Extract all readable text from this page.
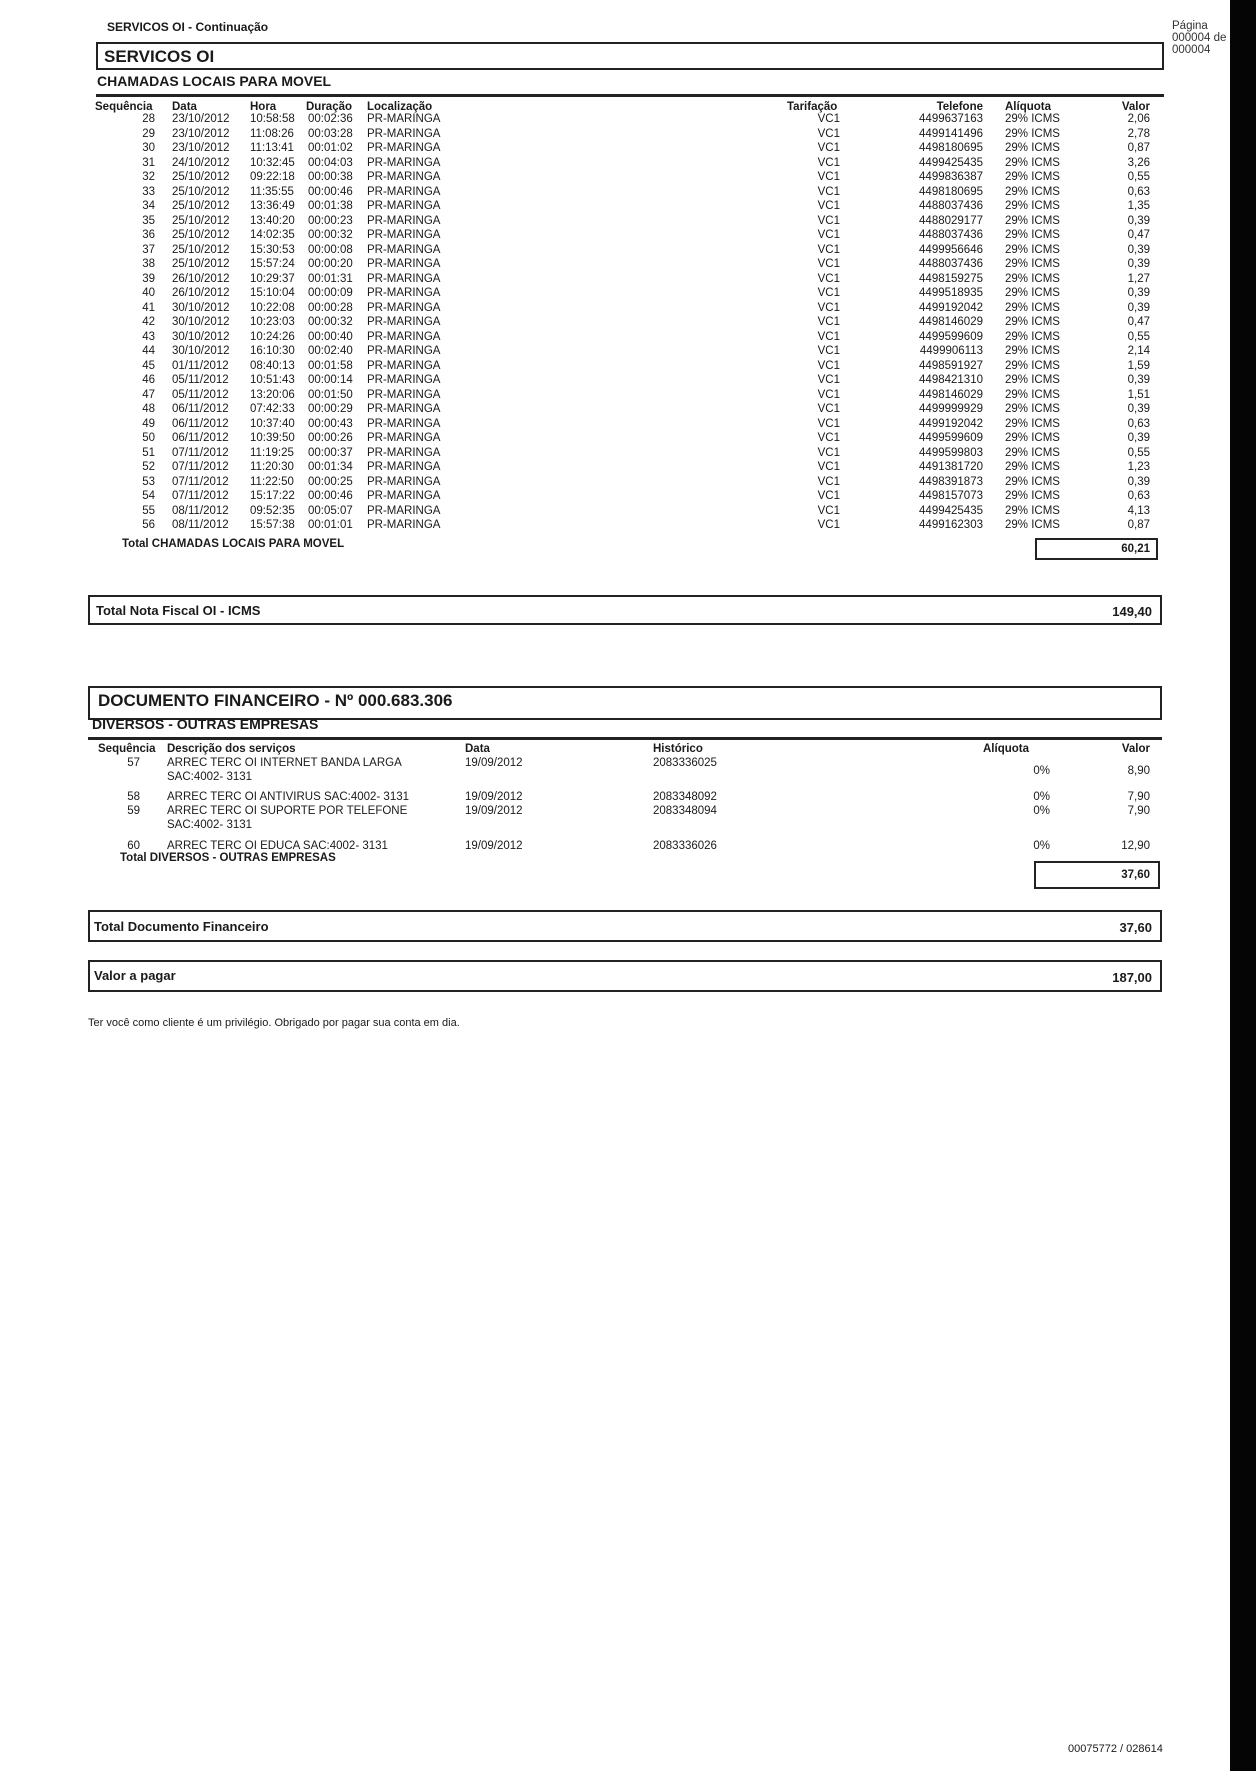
SERVICOS OI - Continuação
SERVICOS OI
CHAMADAS LOCAIS PARA MOVEL
Página
000004 de
000004
Sequência Data	Hora	Duração Localização	Tarifação	Telefone Alíquota	Valor
28 23/10/2012 10:58:58 00:02:36 PR-MARINGA	VC1	4499637163 29% ICMS	2,06
29 23/10/2012 11:08:26 00:03:28 PR-MARINGA	VC1	4499141496 29% ICMS	2,78
30 23/10/2012 11:13:41 00:01:02 PR-MARINGA	VC1	4498180695 29% ICMS	0,87
31 24/10/2012 10:32:45 00:04:03 PR-MARINGA	VC1	4499425435 29% ICMS	3,26
32 25/10/2012 09:22:18 00:00:38 PR-MARINGA	VC1	4499836387 29% ICMS	0,55
33 25/10/2012 11:35:55 00:00:46 PR-MARINGA	VC1	4498180695 29% ICMS	0,63
34 25/10/2012 13:36:49 00:01:38 PR-MARINGA	VC1	4488037436 29% ICMS	1,35
35 25/10/2012 13:40:20 00:00:23 PR-MARINGA	VC1	4488029177 29% ICMS	0,39
36 25/10/2012 14:02:35 00:00:32 PR-MARINGA	VC1	4488037436 29% ICMS	0,47
37 25/10/2012 15:30:53 00:00:08 PR-MARINGA	VC1	4499956646 29% ICMS	0,39
38 25/10/2012 15:57:24 00:00:20 PR-MARINGA	VC1	4488037436 29% ICMS	0,39
39 26/10/2012 10:29:37 00:01:31 PR-MARINGA	VC1	4498159275 29% ICMS	1,27
40 26/10/2012 15:10:04 00:00:09 PR-MARINGA	VC1	4499518935 29% ICMS	0,39
41 30/10/2012 10:22:08 00:00:28 PR-MARINGA	VC1	4499192042 29% ICMS	0,39
42 30/10/2012 10:23:03 00:00:32 PR-MARINGA	VC1	4498146029 29% ICMS	0,47
43 30/10/2012 10:24:26 00:00:40 PR-MARINGA	VC1	4499599609 29% ICMS	0,55
44 30/10/2012 16:10:30 00:02:40 PR-MARINGA	VC1	4499906113 29% ICMS	2,14
45 01/11/2012 08:40:13 00:01:58 PR-MARINGA	VC1	4498591927 29% ICMS	1,59
46 05/11/2012 10:51:43 00:00:14 PR-MARINGA	VC1	4498421310 29% ICMS	0,39
47 05/11/2012 13:20:06 00:01:50 PR-MARINGA	VC1	4498146029 29% ICMS	1,51
48 06/11/2012 07:42:33 00:00:29 PR-MARINGA	VC1	4499999929 29% ICMS	0,39
49 06/11/2012 10:37:40 00:00:43 PR-MARINGA	VC1	4499192042 29% ICMS	0,63
50 06/11/2012 10:39:50 00:00:26 PR-MARINGA	VC1	4499599609 29% ICMS	0,39
51 07/11/2012 11:19:25 00:00:37 PR-MARINGA	VC1	4499599803 29% ICMS	0,55
52 07/11/2012 11:20:30 00:01:34 PR-MARINGA	VC1	4491381720 29% ICMS	1,23
53 07/11/2012 11:22:50 00:00:25 PR-MARINGA	VC1	4498391873 29% ICMS	0,39
54 07/11/2012 15:17:22 00:00:46 PR-MARINGA	VC1	4498157073 29% ICMS	0,63
55 08/11/2012 09:52:35 00:05:07 PR-MARINGA	VC1	4499425435 29% ICMS	4,13
56 08/11/2012 15:57:38 00:01:01 PR-MARINGA	VC1	4499162303 29% ICMS	0,87
Total CHAMADAS LOCAIS PARA MOVEL	60,21
Total Nota Fiscal OI - ICMS	149,40
DOCUMENTO FINANCEIRO - Nº 000.683.306
DIVERSOS - OUTRAS EMPRESAS
Sequência Descrição dos serviços	Data	Histórico	Alíquota	Valor
57 ARREC TERC OI INTERNET BANDA LARGA
SAC:4002- 3131
19/09/2012	2083336025
0%	8,90
58 ARREC TERC OI ANTIVIRUS SAC:4002- 3131	19/09/2012	2083348092	0%	7,90
59 ARREC TERC OI SUPORTE POR TELEFONE
SAC:4002- 3131
19/09/2012	2083348094	0%	7,90
60 ARREC TERC OI EDUCA SAC:4002- 3131	19/09/2012	2083336026	0%	12,90
Total DIVERSOS - OUTRAS EMPRESAS
37,60
Total Documento Financeiro	37,60
Valor a pagar	187,00
Ter você como cliente é um privilégio. Obrigado por pagar sua conta em dia.
00075772 / 028614
